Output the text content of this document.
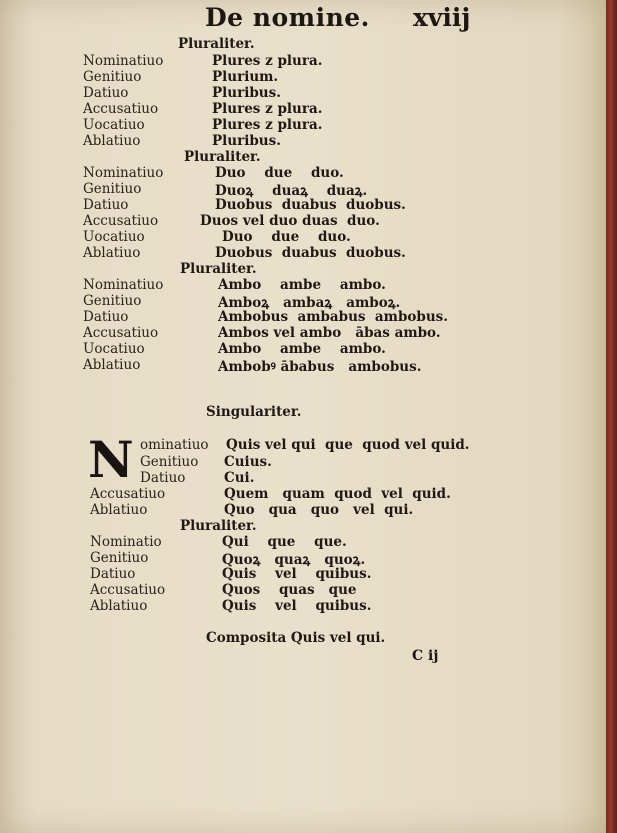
De nomine. xviij
Pluraliter.
Nominatiuo	Plures z plura.
Genitiuo	Plurium.
Datiuo	Pluribus.
Accusatiuo	Plures z plura.
Uocatiuo	Plures z plura.
Ablatiuo	Pluribus.
Pluraliter.
Nominatiuo	Duo    due    duo.
Genitiuo	Duoꝝ    duaꝝ    duaꝝ.
Datiuo	Duobus  duabus  duobus.
Accusatiuo	Duos vel duo duas  duo.
Uocatiuo	Duo    due    duo.
Ablatiuo	Duobus  duabus  duobus.
Pluraliter.
Nominatiuo	Ambo    ambe    ambo.
Genitiuo	Amboꝝ   ambaꝝ   amboꝝ.
Datiuo	Ambobus  ambabus  ambobus.
Accusatiuo	Ambos vel ambo   ābas ambo.
Uocatiuo	Ambo    ambe    ambo.
Ablatiuo	Ambobꝰ ābabus   ambobus.
Singulariter.
N ominatiuo Quis vel qui  que  quod vel quid.
Genitiuo Cuius.
Datiuo	Cui.
Accusatiuo	Quem   quam  quod  vel  quid.
Ablatiuo	Quo   qua   quo   vel  qui.
Pluraliter.
Nominatio	Qui    que    que.
Genitiuo	Quoꝝ   quaꝝ   quoꝝ.
Datiuo	Quis    vel    quibus.
Accusatiuo	Quos    quas   que
Ablatiuo	Quis    vel    quibus.
Composita Quis vel qui.
C ij
